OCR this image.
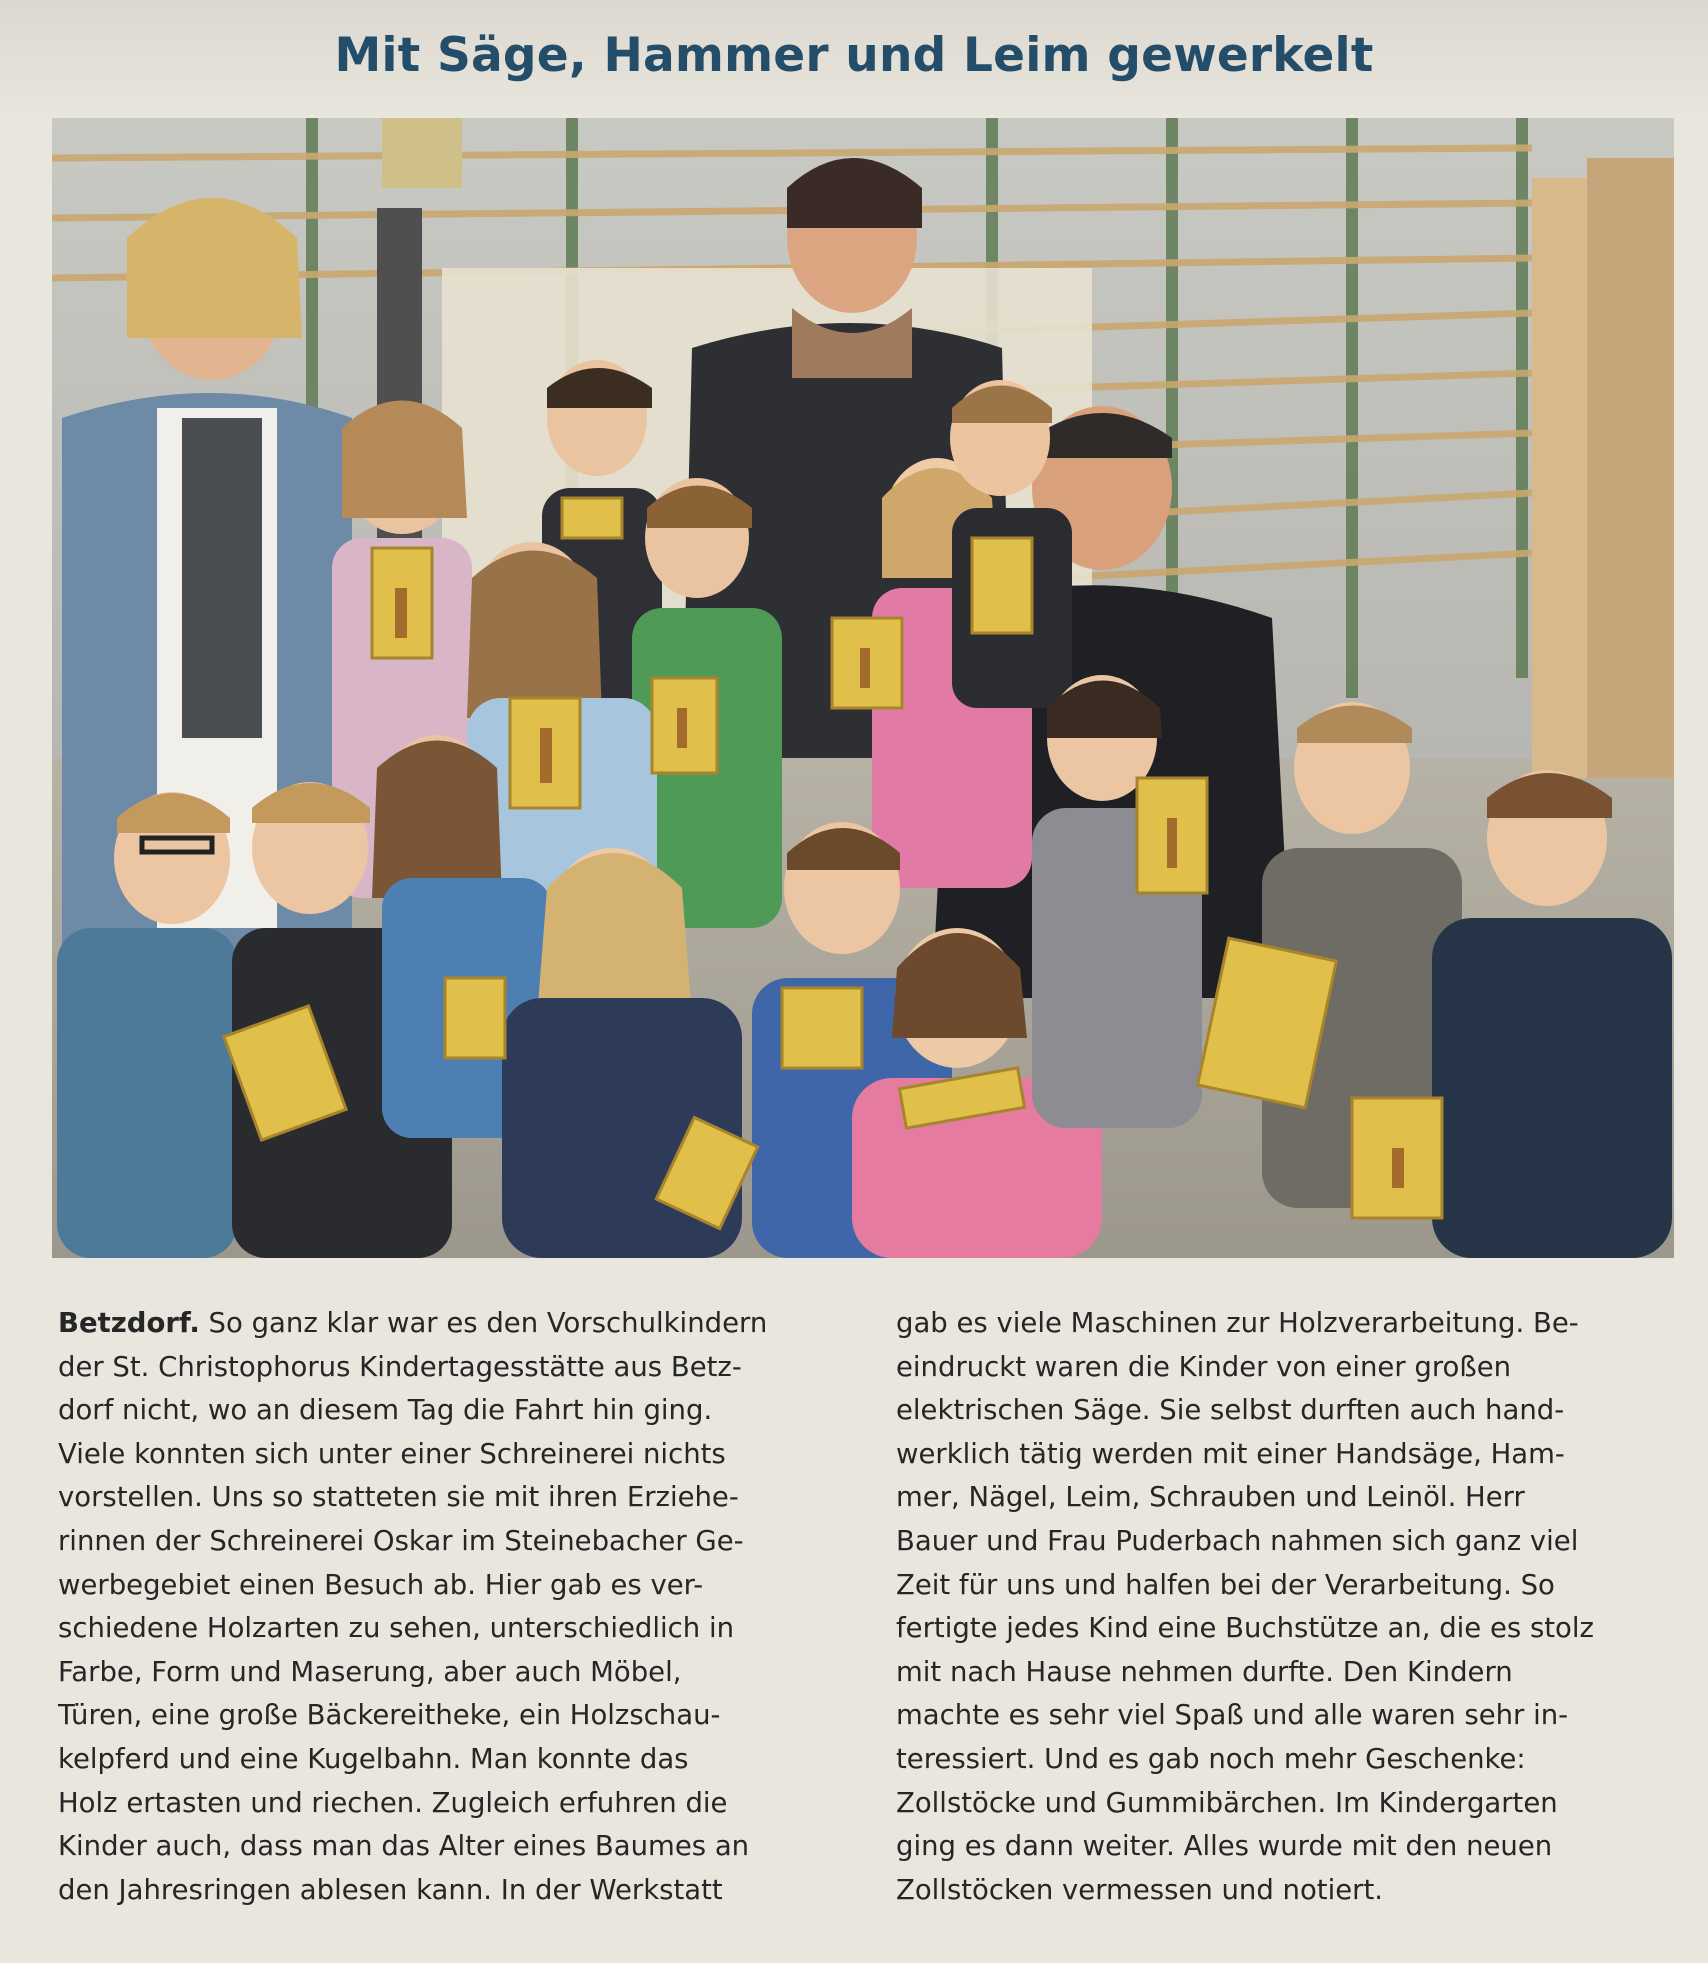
Mit Säge, Hammer und Leim gewerkelt

Betzdorf. So ganz klar war es den Vorschulkindern
der St. Christophorus Kindertagesstätte aus Betz-
dorf nicht, wo an diesem Tag die Fahrt hin ging.
Viele konnten sich unter einer Schreinerei nichts
vorstellen. Uns so statteten sie mit ihren Erziehe-
rinnen der Schreinerei Oskar im Steinebacher Ge-
werbegebiet einen Besuch ab. Hier gab es ver-
schiedene Holzarten zu sehen, unterschiedlich in
Farbe, Form und Maserung, aber auch Möbel,
Türen, eine große Bäckereitheke, ein Holzschau-
kelpferd und eine Kugelbahn. Man konnte das
Holz ertasten und riechen. Zugleich erfuhren die
Kinder auch, dass man das Alter eines Baumes an
den Jahresringen ablesen kann. In der Werkstatt

gab es viele Maschinen zur Holzverarbeitung. Be-
eindruckt waren die Kinder von einer großen
elektrischen Säge. Sie selbst durften auch hand-
werklich tätig werden mit einer Handsäge, Ham-
mer, Nägel, Leim, Schrauben und Leinöl. Herr
Bauer und Frau Puderbach nahmen sich ganz viel
Zeit für uns und halfen bei der Verarbeitung. So
fertigte jedes Kind eine Buchstütze an, die es stolz
mit nach Hause nehmen durfte. Den Kindern
machte es sehr viel Spaß und alle waren sehr in-
teressiert. Und es gab noch mehr Geschenke:
Zollstöcke und Gummibärchen. Im Kindergarten
ging es dann weiter. Alles wurde mit den neuen
Zollstöcken vermessen und notiert.
